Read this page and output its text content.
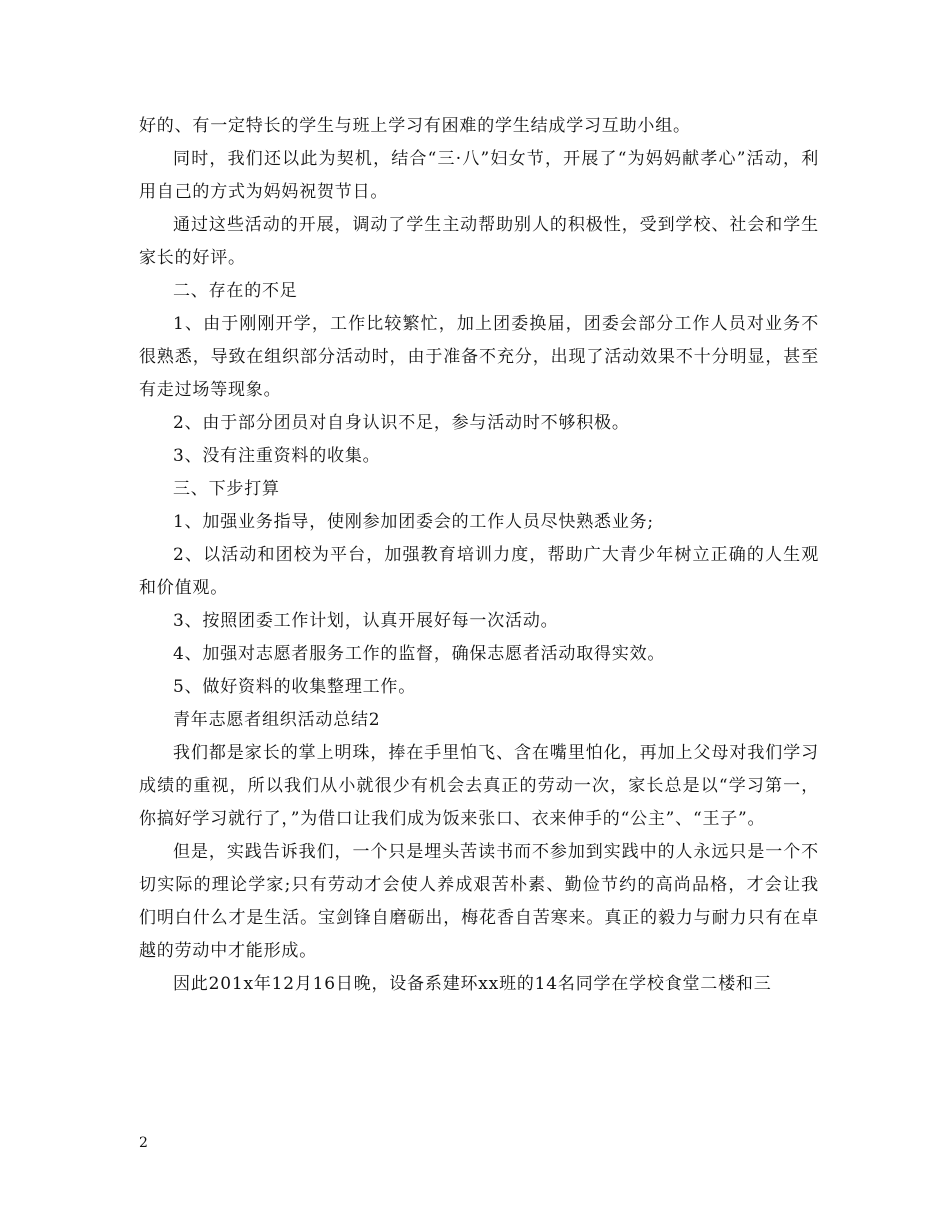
好的、有一定特长的学生与班上学习有困难的学生结成学习互助小组。

同时，我们还以此为契机，结合“三·八”妇女节，开展了“为妈妈献孝心”活动，利用自己的方式为妈妈祝贺节日。

通过这些活动的开展，调动了学生主动帮助别人的积极性，受到学校、社会和学生家长的好评。

二、存在的不足

1、由于刚刚开学，工作比较繁忙，加上团委换届，团委会部分工作人员对业务不很熟悉，导致在组织部分活动时，由于准备不充分，出现了活动效果不十分明显，甚至有走过场等现象。

2、由于部分团员对自身认识不足，参与活动时不够积极。

3、没有注重资料的收集。

三、下步打算

1、加强业务指导，使刚参加团委会的工作人员尽快熟悉业务;

2、以活动和团校为平台，加强教育培训力度，帮助广大青少年树立正确的人生观和价值观。

3、按照团委工作计划，认真开展好每一次活动。

4、加强对志愿者服务工作的监督，确保志愿者活动取得实效。

5、做好资料的收集整理工作。

青年志愿者组织活动总结2

我们都是家长的掌上明珠，捧在手里怕飞、含在嘴里怕化，再加上父母对我们学习成绩的重视，所以我们从小就很少有机会去真正的劳动一次，家长总是以“学习第一，你搞好学习就行了，”为借口让我们成为饭来张口、衣来伸手的“公主”、“王子”。

但是，实践告诉我们，一个只是埋头苦读书而不参加到实践中的人永远只是一个不切实际的理论学家;只有劳动才会使人养成艰苦朴素、勤俭节约的高尚品格，才会让我们明白什么才是生活。宝剑锋自磨砺出，梅花香自苦寒来。真正的毅力与耐力只有在卓越的劳动中才能形成。

因此201x年12月16日晚，设备系建环xx班的14名同学在学校食堂二楼和三

2
